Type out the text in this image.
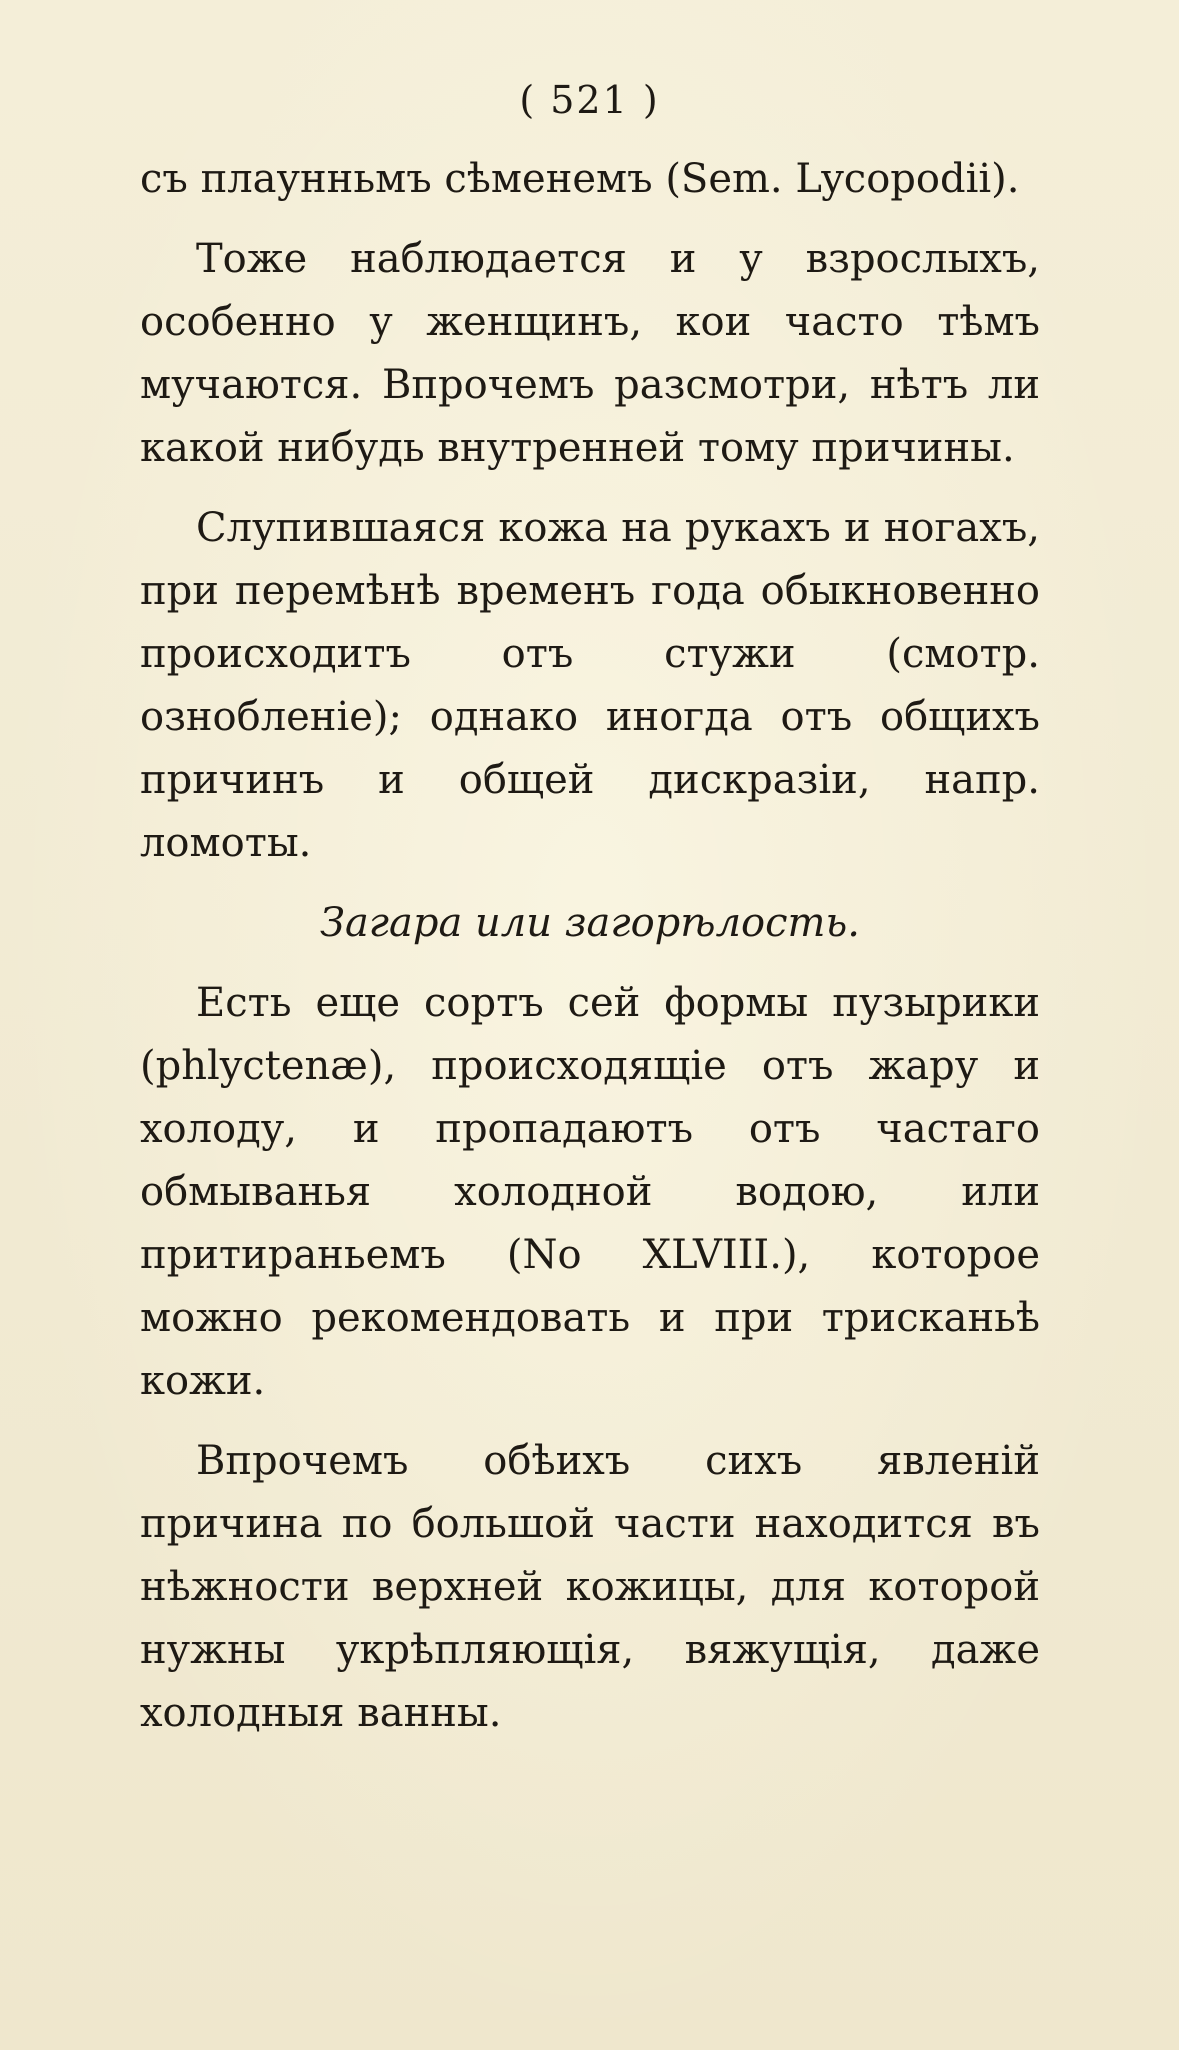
( 521 )

съ плаунньмъ сѣменемъ (Sem. Lycopodii).

Тоже наблюдается и у взрослыхъ, особенно у женщинъ, кои часто тѣмъ мучаются. Впрочемъ разсмотри, нѣтъ ли какой нибудь внутренней тому причины.

Слупившаяся кожа на рукахъ и ногахъ, при перемѣнѣ временъ года обыкновенно происходитъ отъ стужи (смотр. ознобленіе); однако иногда отъ общихъ причинъ и общей дискразіи, напр. ломоты.

Загара или загорѣлость.

Есть еще сортъ сей формы пузырики (phlyctenæ), происходящіе отъ жару и холоду, и пропадаютъ отъ частаго обмыванья холодной водою, или притираньемъ (No XLVIII.), которое можно рекомендовать и при трисканьѣ кожи.

Впрочемъ обѣихъ сихъ явленій причина по большой части находится въ нѣжности верхней кожицы, для которой нужны укрѣпляющія, вяжущія, даже холодныя ванны.
